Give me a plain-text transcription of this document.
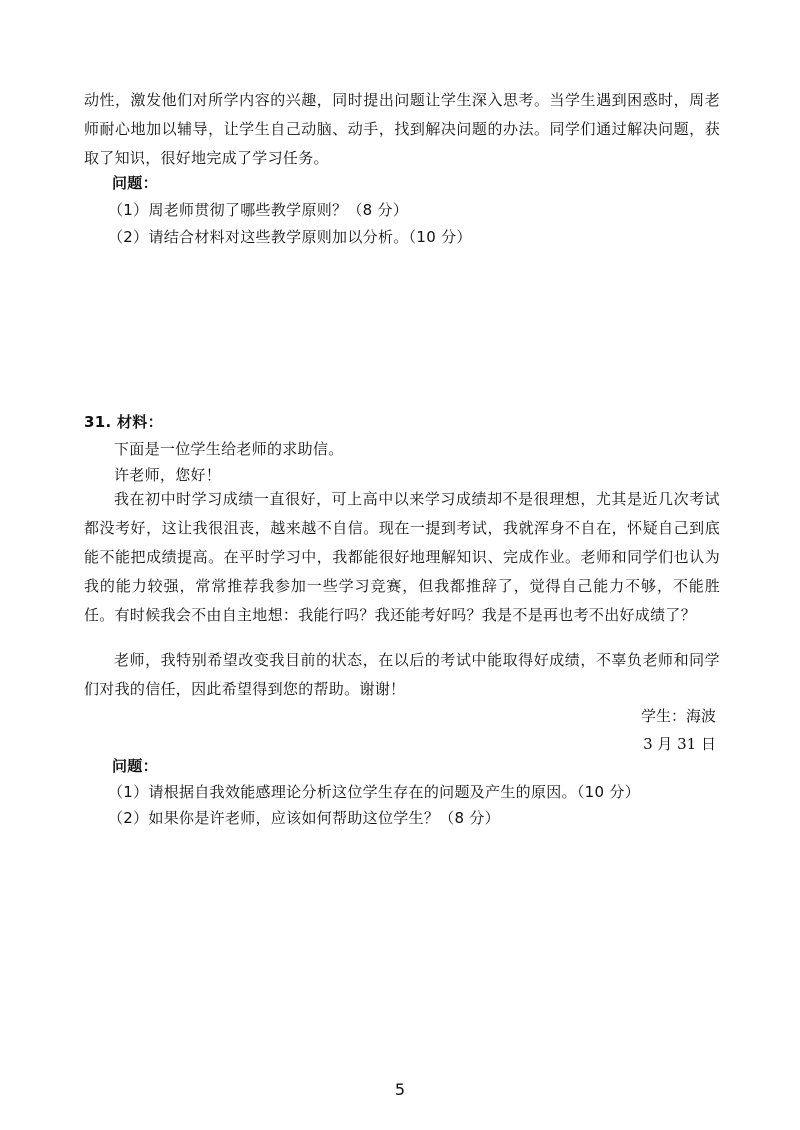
动性，激发他们对所学内容的兴趣，同时提出问题让学生深入思考。当学生遇到困惑时，周老师耐心地加以辅导，让学生自己动脑、动手，找到解决问题的办法。同学们通过解决问题，获取了知识，很好地完成了学习任务。
问题：
（1）周老师贯彻了哪些教学原则？（8 分）
（2）请结合材料对这些教学原则加以分析。（10 分）
31. 材料：
下面是一位学生给老师的求助信。
许老师，您好！
我在初中时学习成绩一直很好，可上高中以来学习成绩却不是很理想，尤其是近几次考试都没考好，这让我很沮丧，越来越不自信。现在一提到考试，我就浑身不自在，怀疑自己到底能不能把成绩提高。在平时学习中，我都能很好地理解知识、完成作业。老师和同学们也认为我的能力较强，常常推荐我参加一些学习竞赛，但我都推辞了，觉得自己能力不够，不能胜任。有时候我会不由自主地想：我能行吗？我还能考好吗？我是不是再也考不出好成绩了？
老师，我特别希望改变我目前的状态，在以后的考试中能取得好成绩，不辜负老师和同学们对我的信任，因此希望得到您的帮助。谢谢！
学生：海波
3 月 31 日
问题：
（1）请根据自我效能感理论分析这位学生存在的问题及产生的原因。（10 分）
（2）如果你是许老师，应该如何帮助这位学生？（8 分）
5
